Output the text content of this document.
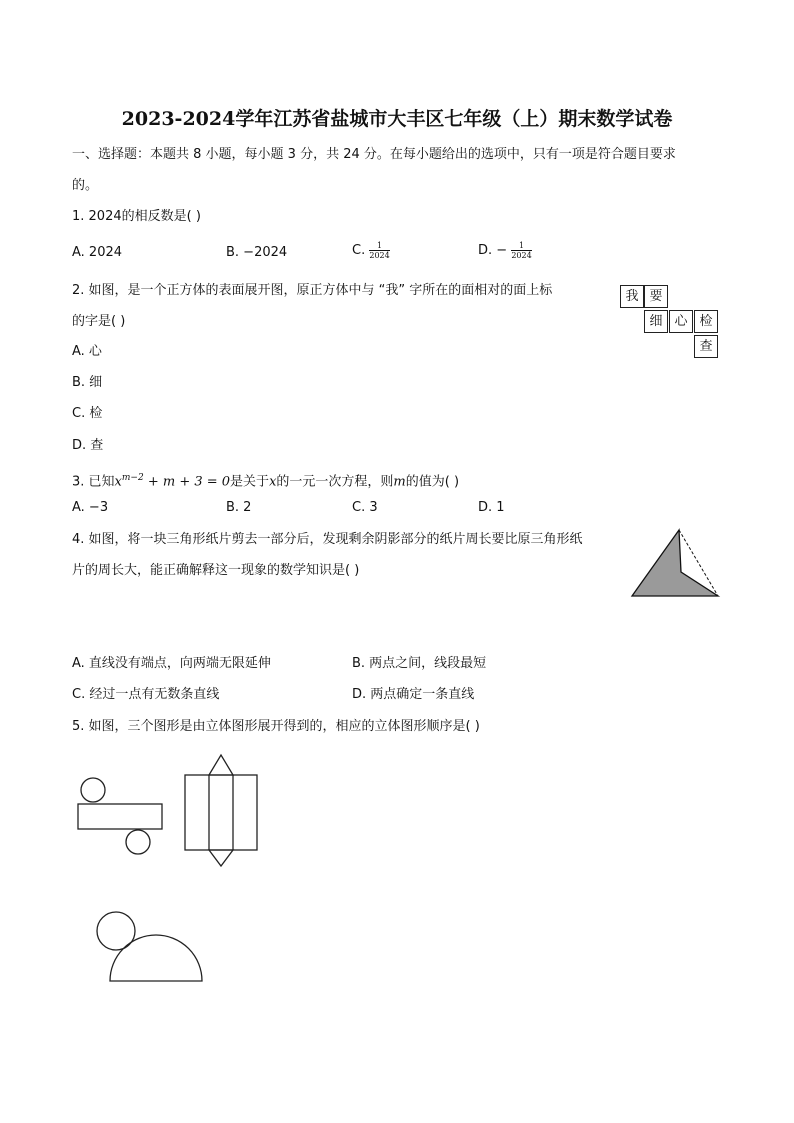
2023-2024学年江苏省盐城市大丰区七年级（上）期末数学试卷
一、选择题：本题共 8 小题，每小题 3 分，共 24 分。在每小题给出的选项中，只有一项是符合题目要求
的。
1. 2024的相反数是( )
A. 2024	B. −2024	C. $\frac{1}{2024}$	D. − $\frac{1}{2024}$
2. 如图，是一个正方体的表面展开图，原正方体中与 “我” 字所在的面相对的面上标
的字是( )
A. 心
B. 细
C. 检
D. 查
我 要
细 心 检
查
3. 已知$x^{m-2} + m + 3 = 0$是关于x的一元一次方程，则m的值为( )
A. −3	B. 2	C. 3	D. 1
4. 如图，将一块三角形纸片剪去一部分后，发现剩余阴影部分的纸片周长要比原三角形纸
片的周长大，能正确解释这一现象的数学知识是( )
A. 直线没有端点，向两端无限延伸	B. 两点之间，线段最短
C. 经过一点有无数条直线	D. 两点确定一条直线
5. 如图，三个图形是由立体图形展开得到的，相应的立体图形顺序是( )
